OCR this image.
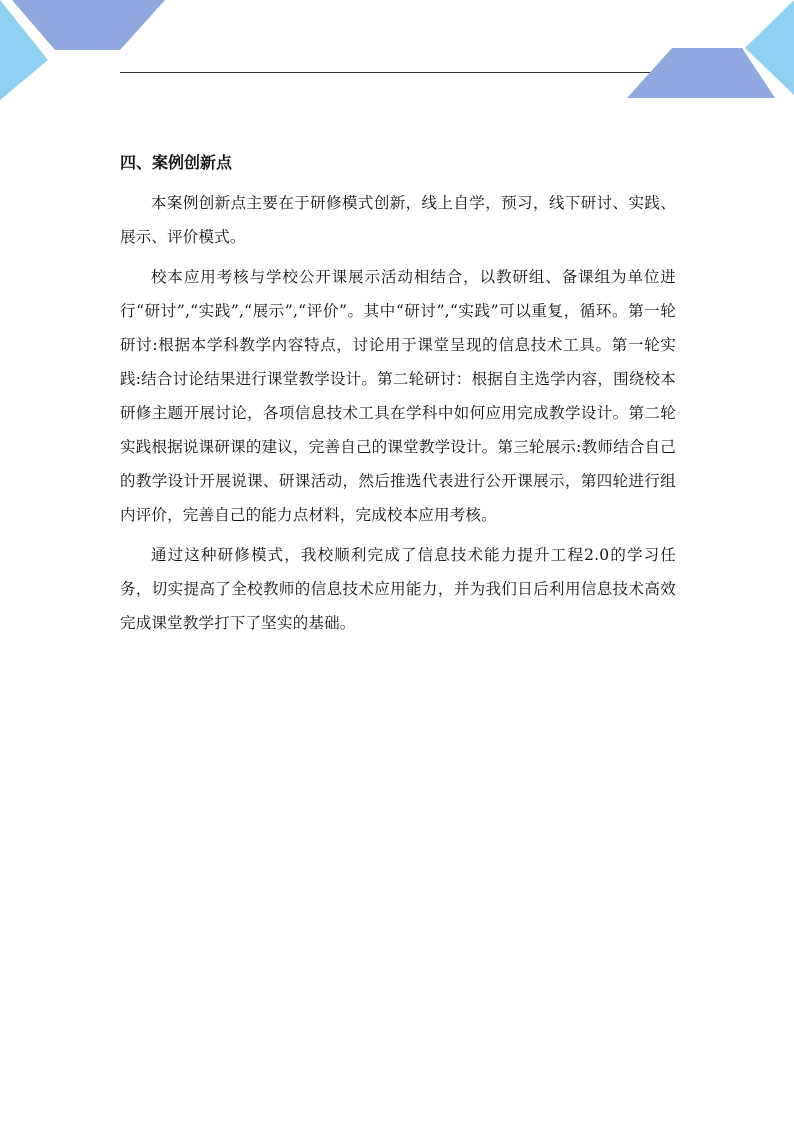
四、案例创新点

本案例创新点主要在于研修模式创新，线上自学，预习，线下研讨、实践、展示、评价模式。

校本应用考核与学校公开课展示活动相结合，以教研组、备课组为单位进行“研讨”,“实践”,“展示”,“评价”。其中“研讨”,“实践”可以重复，循环。第一轮研讨:根据本学科教学内容特点，讨论用于课堂呈现的信息技术工具。第一轮实践:结合讨论结果进行课堂教学设计。第二轮研讨：根据自主选学内容，围绕校本研修主题开展讨论，各项信息技术工具在学科中如何应用完成教学设计。第二轮实践根据说课研课的建议，完善自己的课堂教学设计。第三轮展示:教师结合自己的教学设计开展说课、研课活动，然后推选代表进行公开课展示，第四轮进行组内评价，完善自己的能力点材料，完成校本应用考核。

通过这种研修模式，我校顺利完成了信息技术能力提升工程2.0的学习任务，切实提高了全校教师的信息技术应用能力，并为我们日后利用信息技术高效完成课堂教学打下了坚实的基础。
